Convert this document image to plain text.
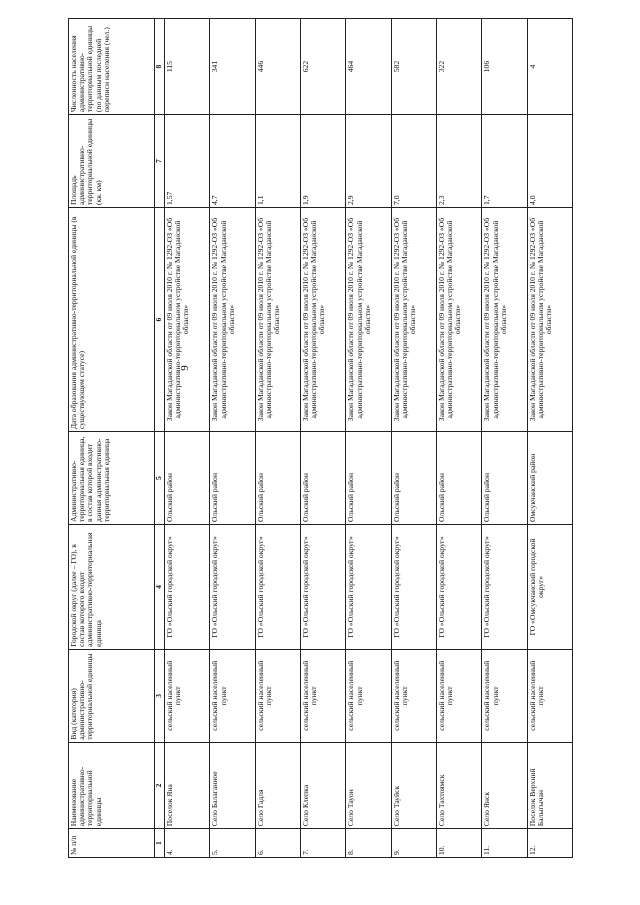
9
№ п/п	Наименование административно-территориальной единицы	Вид (категория) административно-территориальной единицы	Городской округ (далее – ГО), в состав которого входит административно-территориальная единица	Административно-территориальная единица, в состав которой входит данная административно-территориальная единица	Дата образования административно-территориальной единицы (в существующем статусе)	Площадь административно-территориальной единицы (кв. км)	Численность населения административно-территориальной единицы (по данным последней переписи населения (чел.)
1	2	3	4	5	6	7	8
4.	Поселок Яна	сельский населенный пункт	ГО «Ольский городской округ»	Ольский район	Закон Магаданской области от 09 июля 2010 г. № 1292-ОЗ «Об административно-территориальном устройстве Магаданской области»	1,57	115
5.	Село Балаганное	сельский населенный пункт	ГО «Ольский городской округ»	Ольский район	Закон Магаданской области от 09 июля 2010 г. № 1292-ОЗ «Об административно-территориальном устройстве Магаданской области»	4,7	341
6.	Село Гадля	сельский населенный пункт	ГО «Ольский городской округ»	Ольский район	Закон Магаданской области от 09 июля 2010 г. № 1292-ОЗ «Об административно-территориальном устройстве Магаданской области»	1,1	446
7.	Село Клепка	сельский населенный пункт	ГО «Ольский городской округ»	Ольский район	Закон Магаданской области от 09 июля 2010 г. № 1292-ОЗ «Об административно-территориальном устройстве Магаданской области»	1,9	622
8.	Село Тауон	сельский населенный пункт	ГО «Ольский городской округ»	Ольский район	Закон Магаданской области от 09 июля 2010 г. № 1292-ОЗ «Об административно-территориальном устройстве Магаданской области»	2,9	464
9.	Село Тауйск	сельский населенный пункт	ГО «Ольский городской округ»	Ольский район	Закон Магаданской области от 09 июля 2010 г. № 1292-ОЗ «Об административно-территориальном устройстве Магаданской области»	7,0	582
10.	Село Тахтоямск	сельский населенный пункт	ГО «Ольский городской округ»	Ольский район	Закон Магаданской области от 09 июля 2010 г. № 1292-ОЗ «Об административно-территориальном устройстве Магаданской области»	2,3	322
11.	Село Янск	сельский населенный пункт	ГО «Ольский городской округ»	Ольский район	Закон Магаданской области от 09 июля 2010 г. № 1292-ОЗ «Об административно-территориальном устройстве Магаданской области»	1,7	106
12.	Поселок Верхний Балыгычан	сельский населенный пункт	ГО «Омсукчанский городской округ»	Омсукчанский район	Закон Магаданской области от 09 июля 2010 г. № 1292-ОЗ «Об административно-территориальном устройстве Магаданской области»	4,0	4
